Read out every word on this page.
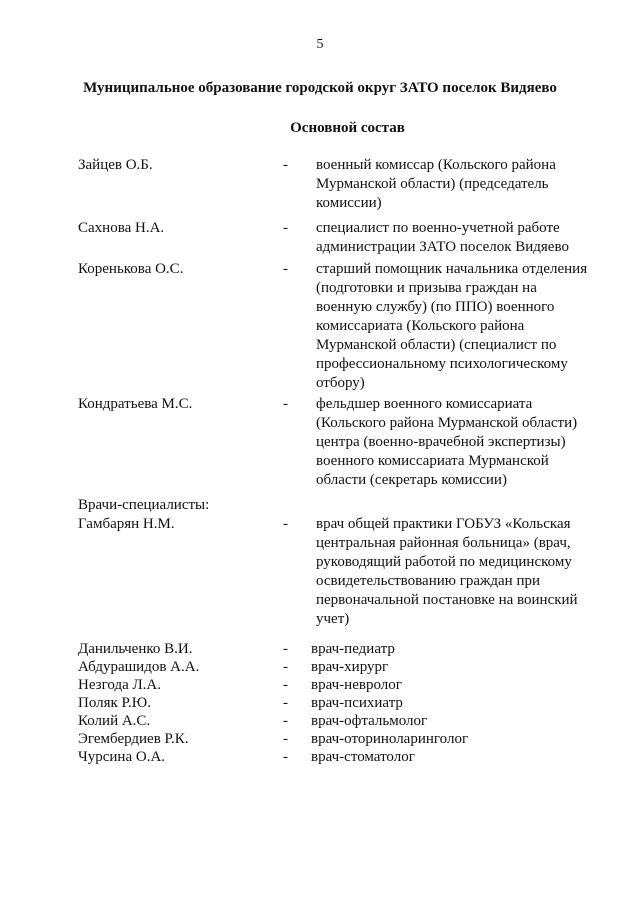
5
Муниципальное образование городской округ ЗАТО поселок Видяево
Основной состав
Зайцев О.Б.	- военный комиссар (Кольского района Мурманской области) (председатель комиссии)
Сахнова Н.А.	- специалист по военно-учетной работе администрации ЗАТО поселок Видяево
Коренькова О.С.	- старший помощник начальника отделения (подготовки и призыва граждан на военную службу) (по ППО) военного комиссариата (Кольского района Мурманской области) (специалист по профессиональному психологическому отбору)
Кондратьева М.С.	- фельдшер военного комиссариата (Кольского района Мурманской области) центра (военно-врачебной экспертизы) военного комиссариата Мурманской области (секретарь комиссии)
Врачи-специалисты:
Гамбарян Н.М.	- врач общей практики ГОБУЗ «Кольская центральная районная больница» (врач, руководящий работой по медицинскому освидетельствованию граждан при первоначальной постановке на воинский учет)
Данильченко В.И.	- врач-педиатр
Абдурашидов А.А.	- врач-хирург
Незгода Л.А.	- врач-невролог
Поляк Р.Ю.	- врач-психиатр
Колий А.С.	- врач-офтальмолог
Эгембердиев Р.К.	- врач-оториноларинголог
Чурсина О.А.	- врач-стоматолог
